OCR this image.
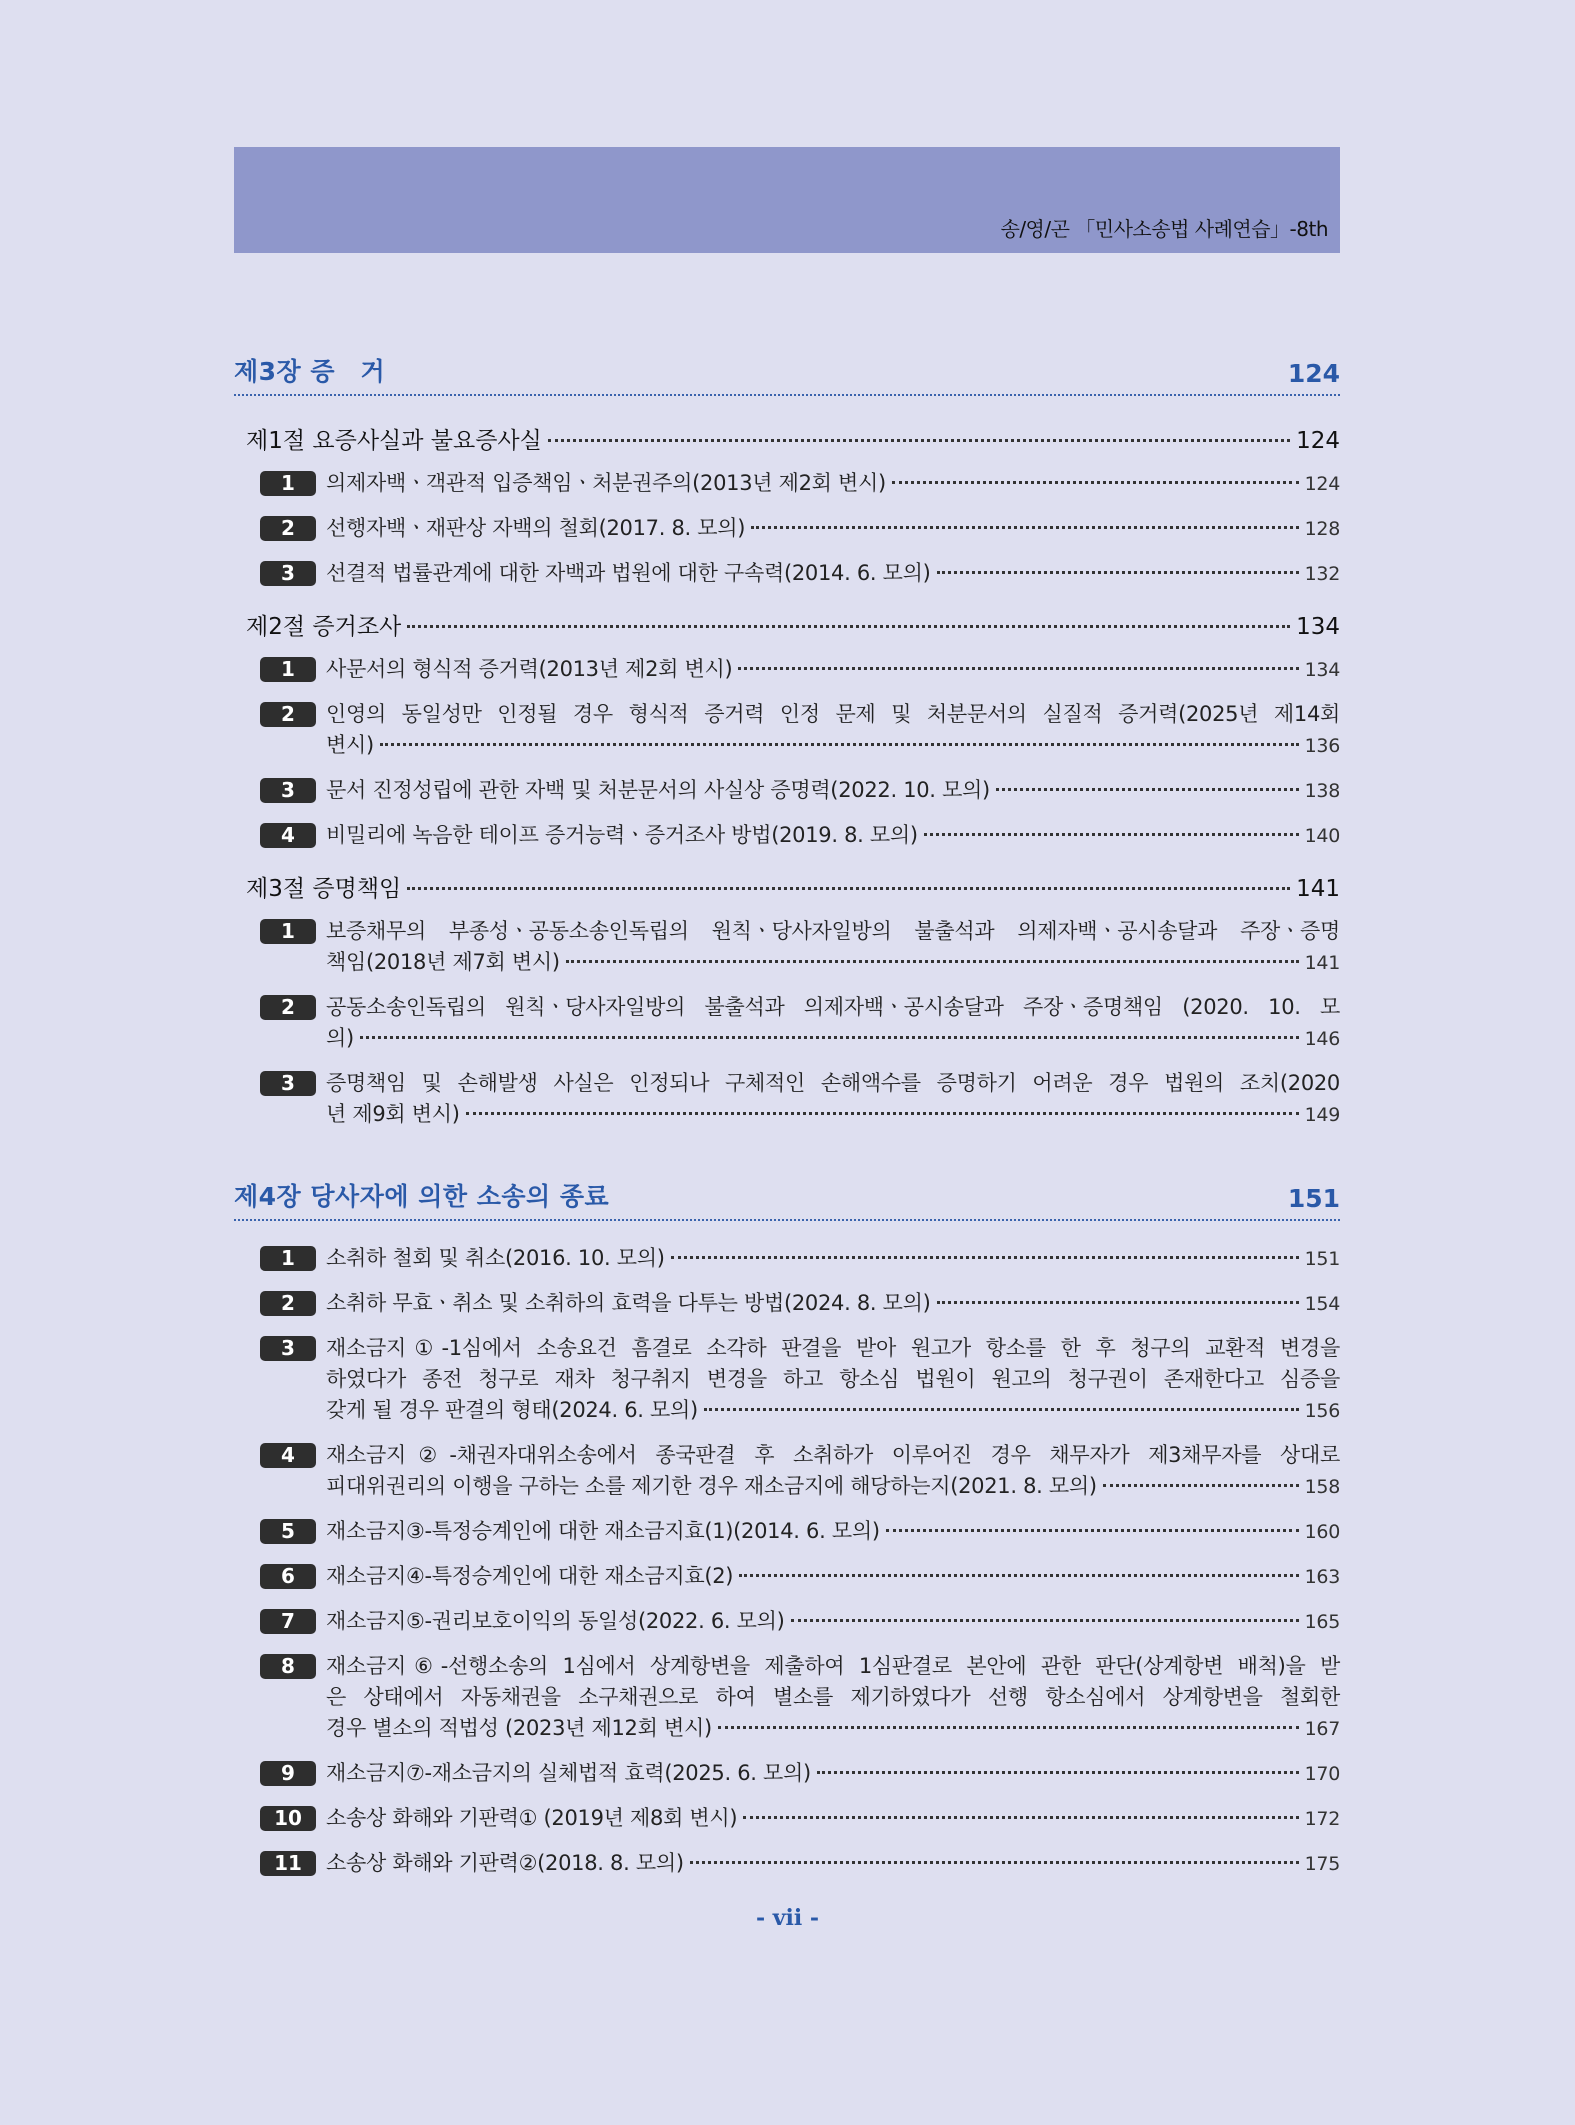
송/영/곤 「민사소송법 사례연습」-8th
제3장 증　거	124
제1절 요증사실과 불요증사실	124
1	의제자백ㆍ객관적 입증책임ㆍ처분권주의(2013년 제2회 변시)	124
2	선행자백ㆍ재판상 자백의 철회(2017. 8. 모의)	128
3	선결적 법률관계에 대한 자백과 법원에 대한 구속력(2014. 6. 모의)	132
제2절 증거조사	134
1	사문서의 형식적 증거력(2013년 제2회 변시)	134
2	인영의 동일성만 인정될 경우 형식적 증거력 인정 문제 및 처분문서의 실질적 증거력(2025년 제14회
변시)	136
3	문서 진정성립에 관한 자백 및 처분문서의 사실상 증명력(2022. 10. 모의)	138
4	비밀리에 녹음한 테이프 증거능력ㆍ증거조사 방법(2019. 8. 모의)	140
제3절 증명책임	141
1	보증채무의 부종성ㆍ공동소송인독립의 원칙ㆍ당사자일방의 불출석과 의제자백ㆍ공시송달과 주장ㆍ증명
책임(2018년 제7회 변시)	141
2	공동소송인독립의 원칙ㆍ당사자일방의 불출석과 의제자백ㆍ공시송달과 주장ㆍ증명책임 (2020. 10. 모
의)	146
3	증명책임 및 손해발생 사실은 인정되나 구체적인 손해액수를 증명하기 어려운 경우 법원의 조치(2020
년 제9회 변시)	149
제4장 당사자에 의한 소송의 종료	151
1	소취하 철회 및 취소(2016. 10. 모의)	151
2	소취하 무효ㆍ취소 및 소취하의 효력을 다투는 방법(2024. 8. 모의)	154
3	재소금지①-1심에서 소송요건 흠결로 소각하 판결을 받아 원고가 항소를 한 후 청구의 교환적 변경을
하였다가 종전 청구로 재차 청구취지 변경을 하고 항소심 법원이 원고의 청구권이 존재한다고 심증을
갖게 될 경우 판결의 형태(2024. 6. 모의)	156
4	재소금지②-채권자대위소송에서 종국판결 후 소취하가 이루어진 경우 채무자가 제3채무자를 상대로
피대위권리의 이행을 구하는 소를 제기한 경우 재소금지에 해당하는지(2021. 8. 모의)	158
5	재소금지③-특정승계인에 대한 재소금지효(1)(2014. 6. 모의)	160
6	재소금지④-특정승계인에 대한 재소금지효(2)	163
7	재소금지⑤-권리보호이익의 동일성(2022. 6. 모의)	165
8	재소금지⑥-선행소송의 1심에서 상계항변을 제출하여 1심판결로 본안에 관한 판단(상계항변 배척)을 받
은 상태에서 자동채권을 소구채권으로 하여 별소를 제기하였다가 선행 항소심에서 상계항변을 철회한
경우 별소의 적법성 (2023년 제12회 변시)	167
9	재소금지⑦-재소금지의 실체법적 효력(2025. 6. 모의)	170
10	소송상 화해와 기판력① (2019년 제8회 변시)	172
11	소송상 화해와 기판력②(2018. 8. 모의)	175
- vii -
